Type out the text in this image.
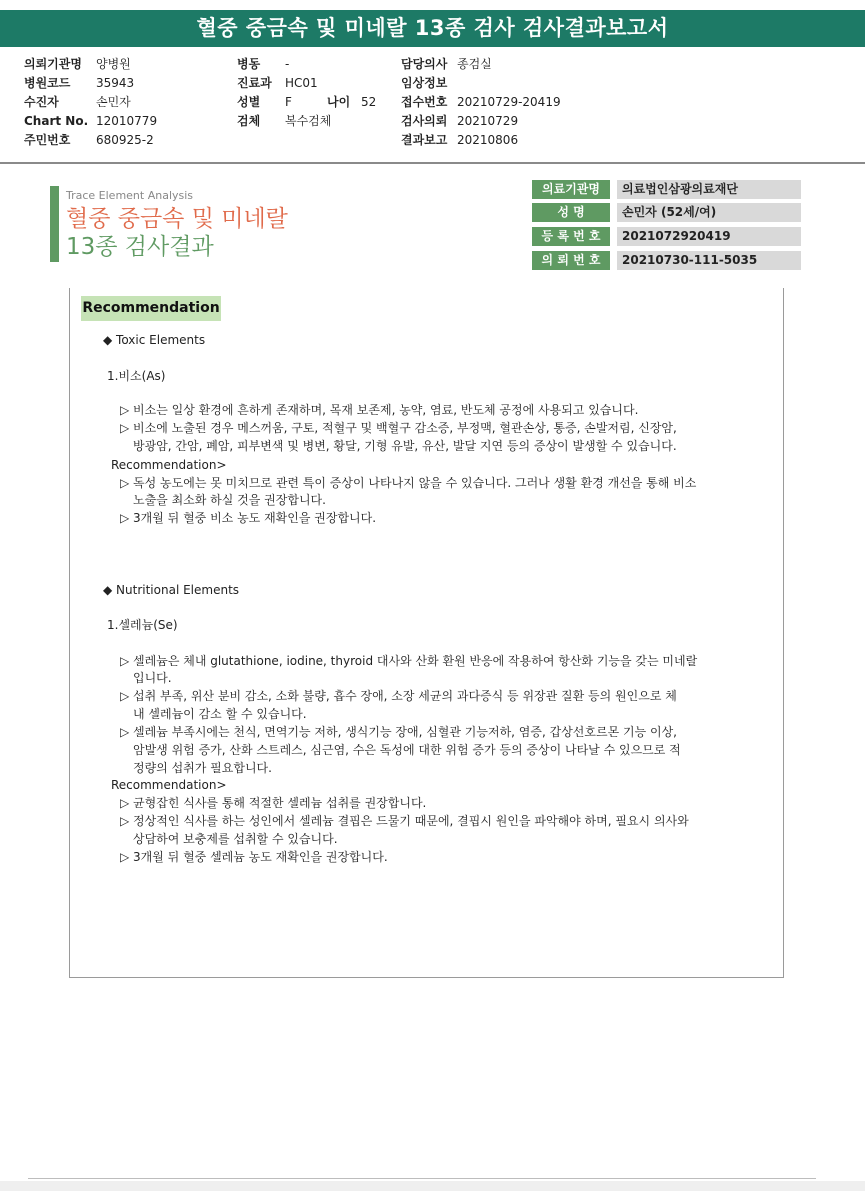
혈중 중금속 및 미네랄 13종 검사 검사결과보고서
의뢰기관명 양병원
병원코드 35943
수진자	손민자
Chart No. 12010779
주민번호 680925-2
병동 -
진료과 HC01
성별 F	나이 52
검체 복수검체
담당의사 종검실
임상정보
접수번호 20210729-20419
검사의뢰 20210729
결과보고 20210806
Trace Element Analysis
혈중 중금속 및 미네랄
13종 검사결과
의료기관명	의료법인삼광의료재단
성 명	손민자 (52세/여)
등 록 번 호	2021072920419
의 뢰 번 호	20210730-111-5035
Recommendation
◆ Toxic Elements
1.비소(As)
▷ 비소는 일상 환경에 흔하게 존재하며, 목재 보존제, 농약, 염료, 반도체 공정에 사용되고 있습니다.
▷ 비소에 노출된 경우 메스꺼움, 구토, 적혈구 및 백혈구 감소증, 부정맥, 혈관손상, 통증, 손발저림, 신장암,
방광암, 간암, 폐암, 피부변색 및 병변, 황달, 기형 유발, 유산, 발달 지연 등의 증상이 발생할 수 있습니다.
Recommendation>
▷ 독성 농도에는 못 미치므로 관련 특이 증상이 나타나지 않을 수 있습니다. 그러나 생활 환경 개선을 통해 비소
노출을 최소화 하실 것을 권장합니다.
▷ 3개월 뒤 혈중 비소 농도 재확인을 권장합니다.
◆ Nutritional Elements
1.셀레늄(Se)
▷ 셀레늄은 체내 glutathione, iodine, thyroid 대사와 산화 환원 반응에 작용하여 항산화 기능을 갖는 미네랄
입니다.
▷ 섭취 부족, 위산 분비 감소, 소화 불량, 흡수 장애, 소장 세균의 과다증식 등 위장관 질환 등의 원인으로 체
내 셀레늄이 감소 할 수 있습니다.
▷ 셀레늄 부족시에는 천식, 면역기능 저하, 생식기능 장애, 심혈관 기능저하, 염증, 갑상선호르몬 기능 이상,
암발생 위험 증가, 산화 스트레스, 심근염, 수은 독성에 대한 위험 증가 등의 증상이 나타날 수 있으므로 적
정량의 섭취가 필요합니다.
Recommendation>
▷ 균형잡힌 식사를 통해 적절한 셀레늄 섭취를 권장합니다.
▷ 정상적인 식사를 하는 성인에서 셀레늄 결핍은 드물기 때문에, 결핍시 원인을 파악해야 하며, 필요시 의사와
상담하여 보충제를 섭취할 수 있습니다.
▷ 3개월 뒤 혈중 셀레늄 농도 재확인을 권장합니다.
